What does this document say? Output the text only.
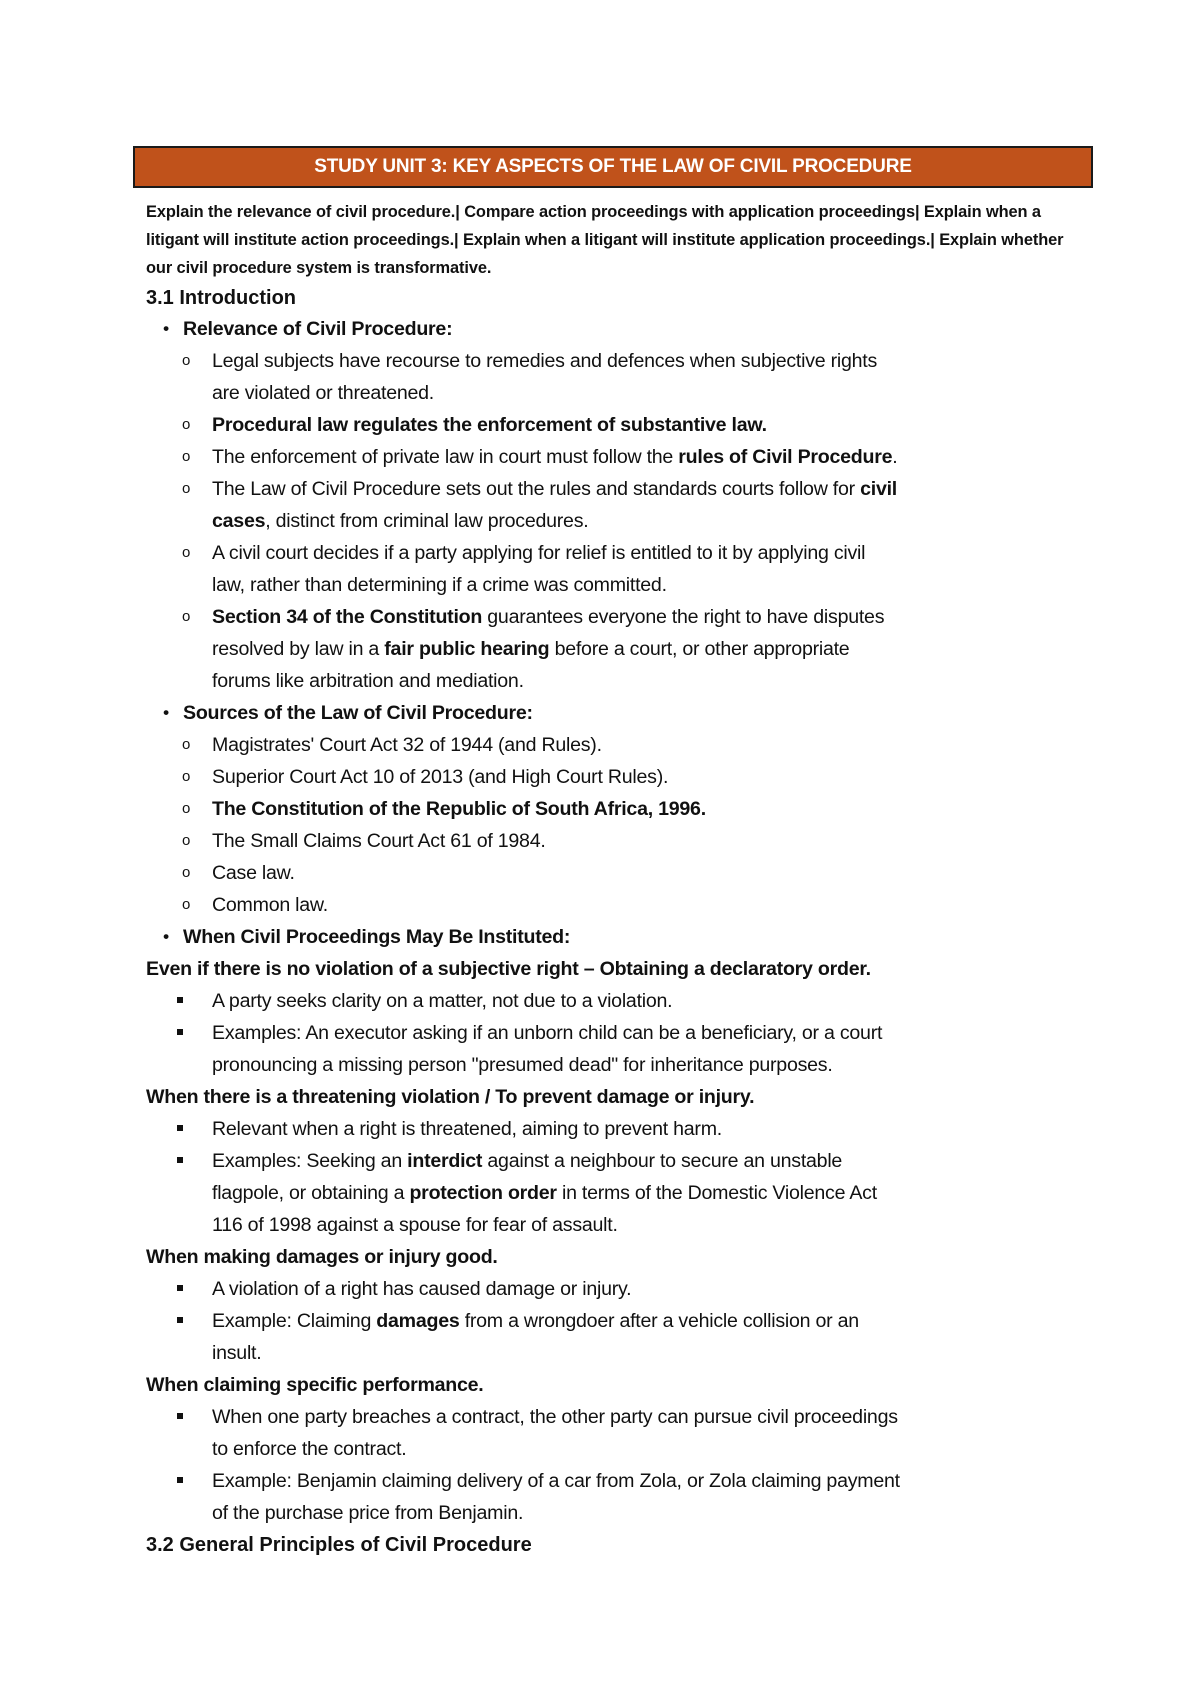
STUDY UNIT 3: KEY ASPECTS OF THE LAW OF CIVIL PROCEDURE
Explain the relevance of civil procedure.| Compare action proceedings with application proceedings| Explain when a litigant will institute action proceedings.| Explain when a litigant will institute application proceedings.| Explain whether our civil procedure system is transformative.
3.1 Introduction
• Relevance of Civil Procedure:
o	Legal subjects have recourse to remedies and defences when subjective rights
are violated or threatened.
o	Procedural law regulates the enforcement of substantive law.
o	The enforcement of private law in court must follow the rules of Civil Procedure.
o	The Law of Civil Procedure sets out the rules and standards courts follow for civil
cases, distinct from criminal law procedures.
o	A civil court decides if a party applying for relief is entitled to it by applying civil
law, rather than determining if a crime was committed.
o	Section 34 of the Constitution guarantees everyone the right to have disputes
resolved by law in a fair public hearing before a court, or other appropriate
forums like arbitration and mediation.
• Sources of the Law of Civil Procedure:
o	Magistrates' Court Act 32 of 1944 (and Rules).
o	Superior Court Act 10 of 2013 (and High Court Rules).
o	The Constitution of the Republic of South Africa, 1996.
o	The Small Claims Court Act 61 of 1984.
o	Case law.
o	Common law.
• When Civil Proceedings May Be Instituted:
Even if there is no violation of a subjective right – Obtaining a declaratory order.
A party seeks clarity on a matter, not due to a violation.
Examples: An executor asking if an unborn child can be a beneficiary, or a court
pronouncing a missing person "presumed dead" for inheritance purposes.
When there is a threatening violation / To prevent damage or injury.
Relevant when a right is threatened, aiming to prevent harm.
Examples: Seeking an interdict against a neighbour to secure an unstable
flagpole, or obtaining a protection order in terms of the Domestic Violence Act
116 of 1998 against a spouse for fear of assault.
When making damages or injury good.
A violation of a right has caused damage or injury.
Example: Claiming damages from a wrongdoer after a vehicle collision or an
insult.
When claiming specific performance.
When one party breaches a contract, the other party can pursue civil proceedings
to enforce the contract.
Example: Benjamin claiming delivery of a car from Zola, or Zola claiming payment
of the purchase price from Benjamin.
3.2 General Principles of Civil Procedure
